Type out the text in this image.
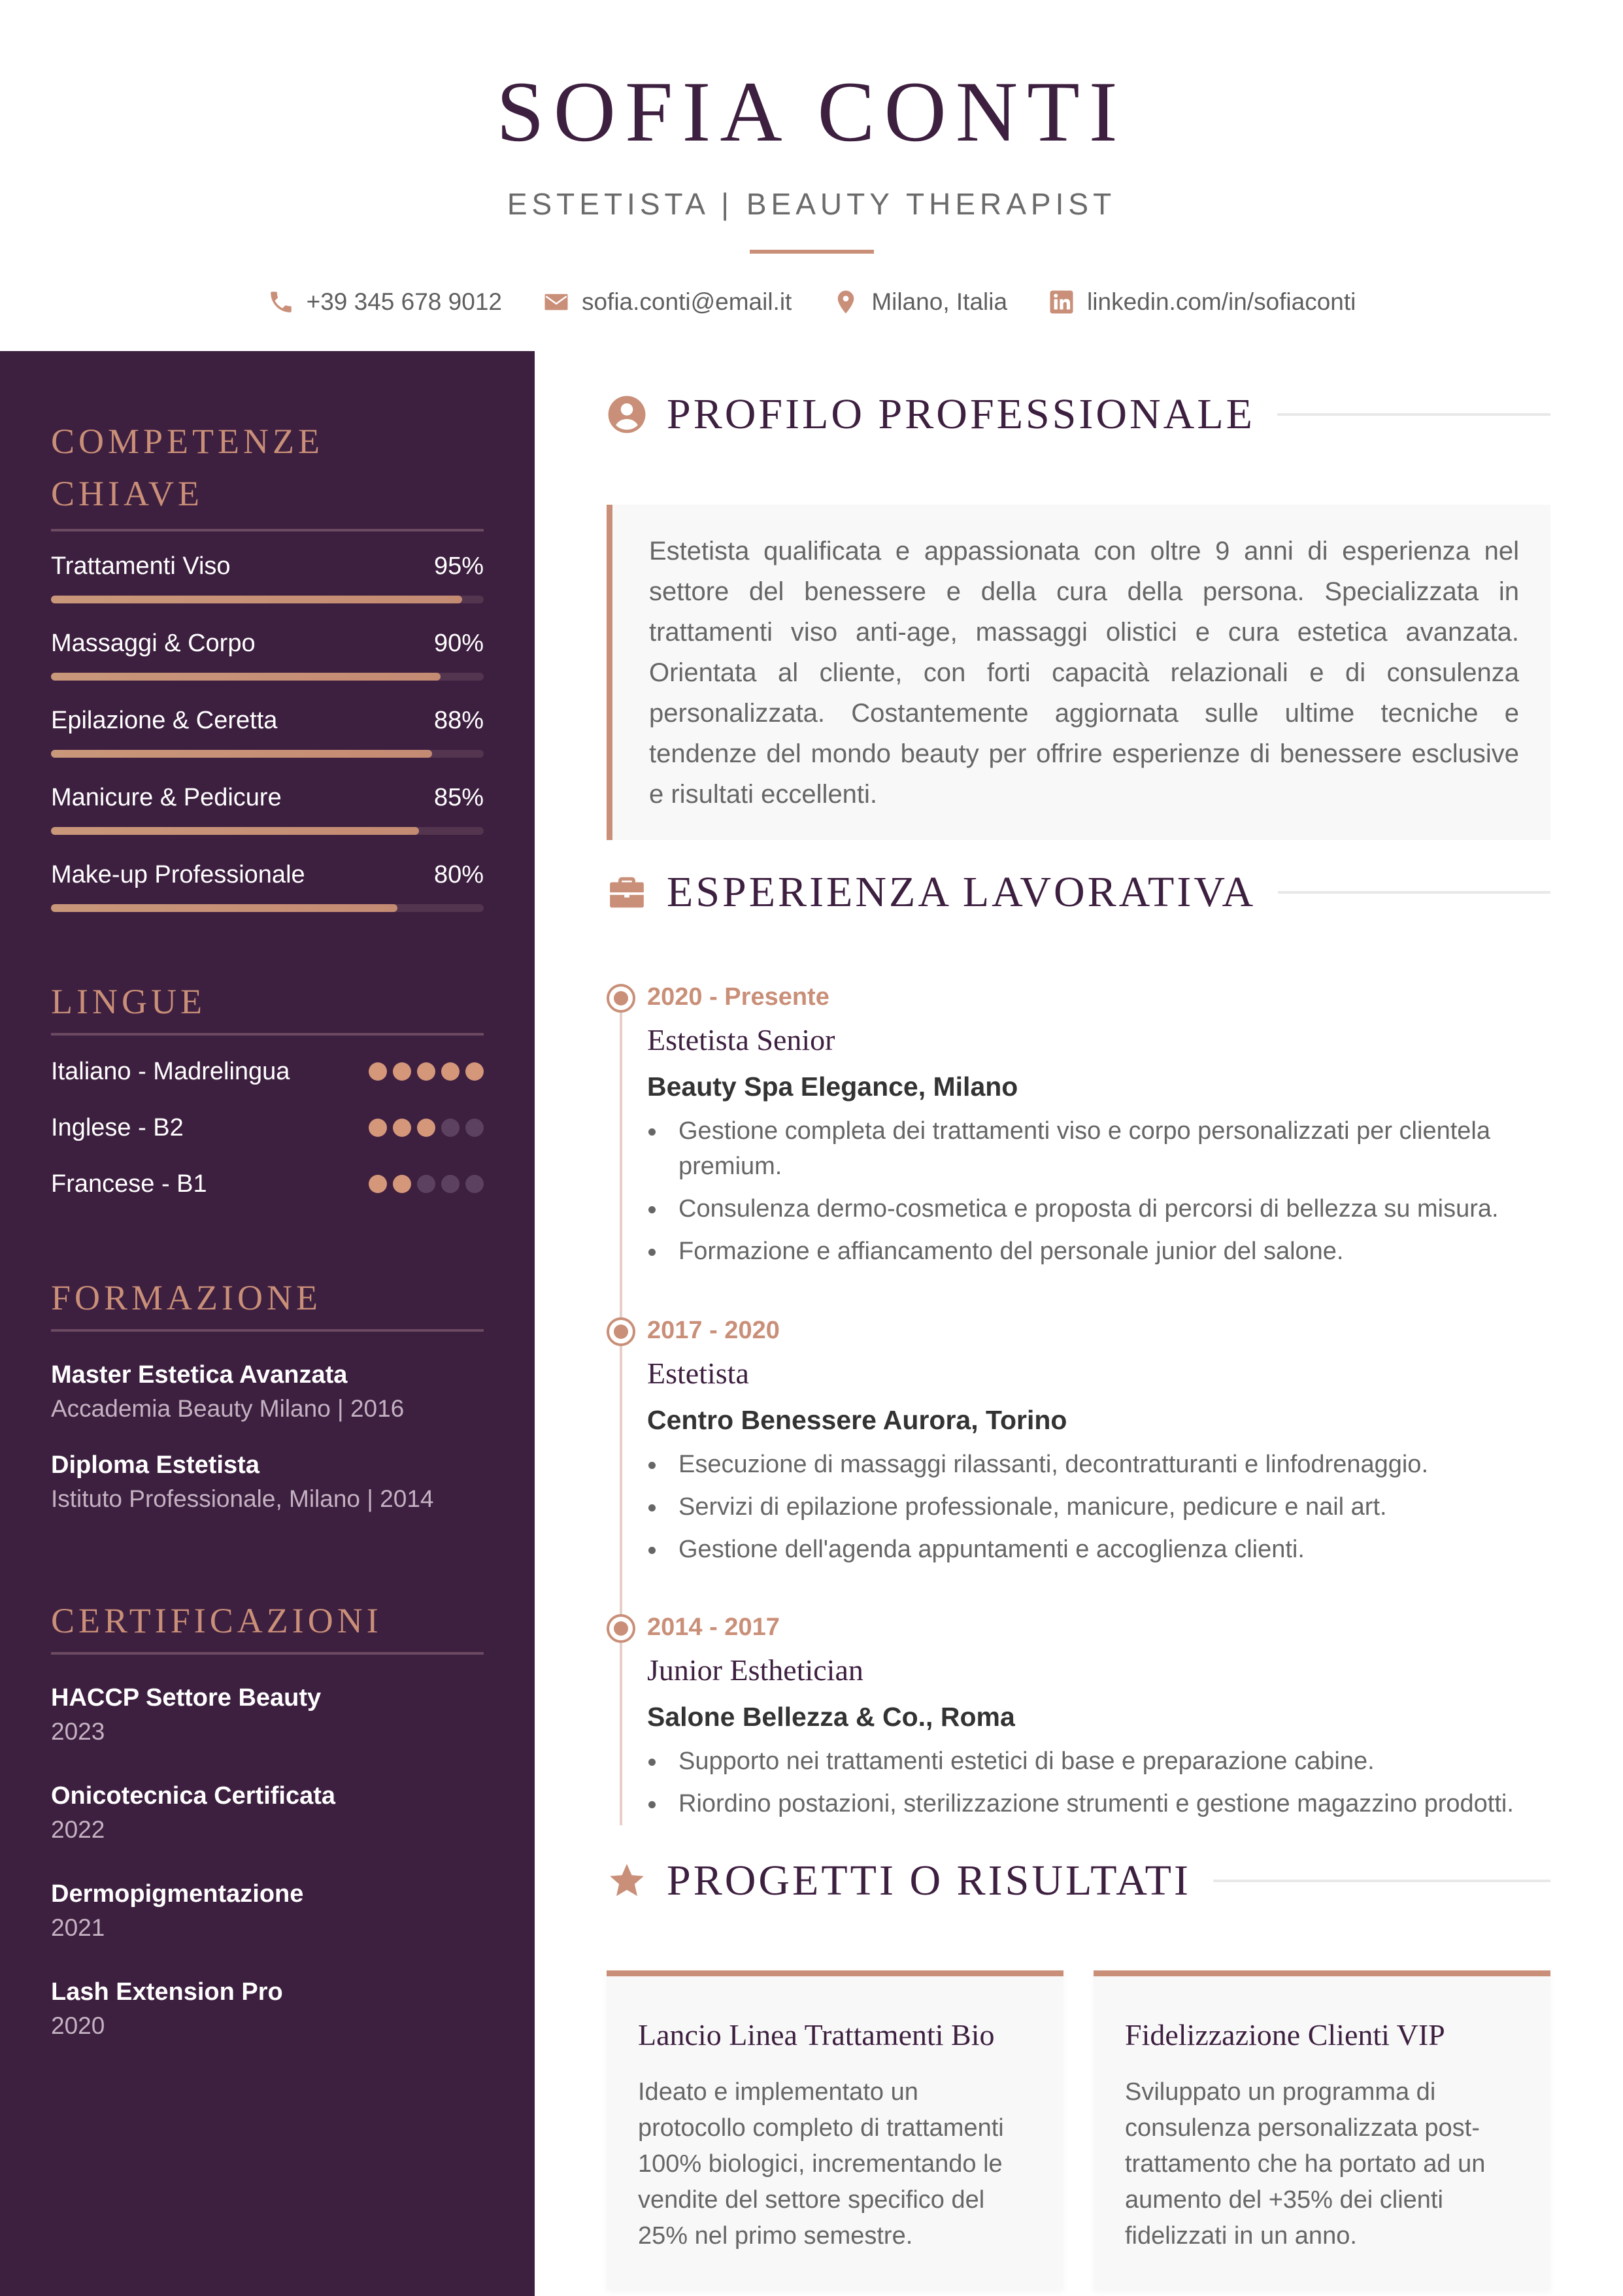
SOFIA CONTI
ESTETISTA | BEAUTY THERAPIST
+39 345 678 9012	sofia.conti@email.it	Milano, Italia	linkedin.com/in/sofiaconti
COMPETENZE CHIAVE
Trattamenti Viso	95%
Massaggi & Corpo	90%
Epilazione & Ceretta	88%
Manicure & Pedicure	85%
Make-up Professionale	80%
LINGUE
Italiano - Madrelingua
Inglese - B2
Francese - B1
FORMAZIONE
Master Estetica Avanzata
Accademia Beauty Milano | 2016
Diploma Estetista
Istituto Professionale, Milano | 2014
CERTIFICAZIONI
HACCP Settore Beauty
2023
Onicotecnica Certificata
2022
Dermopigmentazione
2021
Lash Extension Pro
2020
PROFILO PROFESSIONALE
Estetista qualificata e appassionata con oltre 9 anni di esperienza nel settore del benessere e della cura della persona. Specializzata in trattamenti viso anti-age, massaggi olistici e cura estetica avanzata. Orientata al cliente, con forti capacità relazionali e di consulenza personalizzata. Costantemente aggiornata sulle ultime tecniche e tendenze del mondo beauty per offrire esperienze di benessere esclusive e risultati eccellenti.
ESPERIENZA LAVORATIVA
2020 - Presente
Estetista Senior
Beauty Spa Elegance, Milano
Gestione completa dei trattamenti viso e corpo personalizzati per clientela premium.
Consulenza dermo-cosmetica e proposta di percorsi di bellezza su misura.
Formazione e affiancamento del personale junior del salone.
2017 - 2020
Estetista
Centro Benessere Aurora, Torino
Esecuzione di massaggi rilassanti, decontratturanti e linfodrenaggio.
Servizi di epilazione professionale, manicure, pedicure e nail art.
Gestione dell'agenda appuntamenti e accoglienza clienti.
2014 - 2017
Junior Esthetician
Salone Bellezza & Co., Roma
Supporto nei trattamenti estetici di base e preparazione cabine.
Riordino postazioni, sterilizzazione strumenti e gestione magazzino prodotti.
PROGETTI O RISULTATI
Lancio Linea Trattamenti Bio
Ideato e implementato un protocollo completo di trattamenti 100% biologici, incrementando le vendite del settore specifico del 25% nel primo semestre.
Fidelizzazione Clienti VIP
Sviluppato un programma di consulenza personalizzata post-trattamento che ha portato ad un aumento del +35% dei clienti fidelizzati in un anno.
